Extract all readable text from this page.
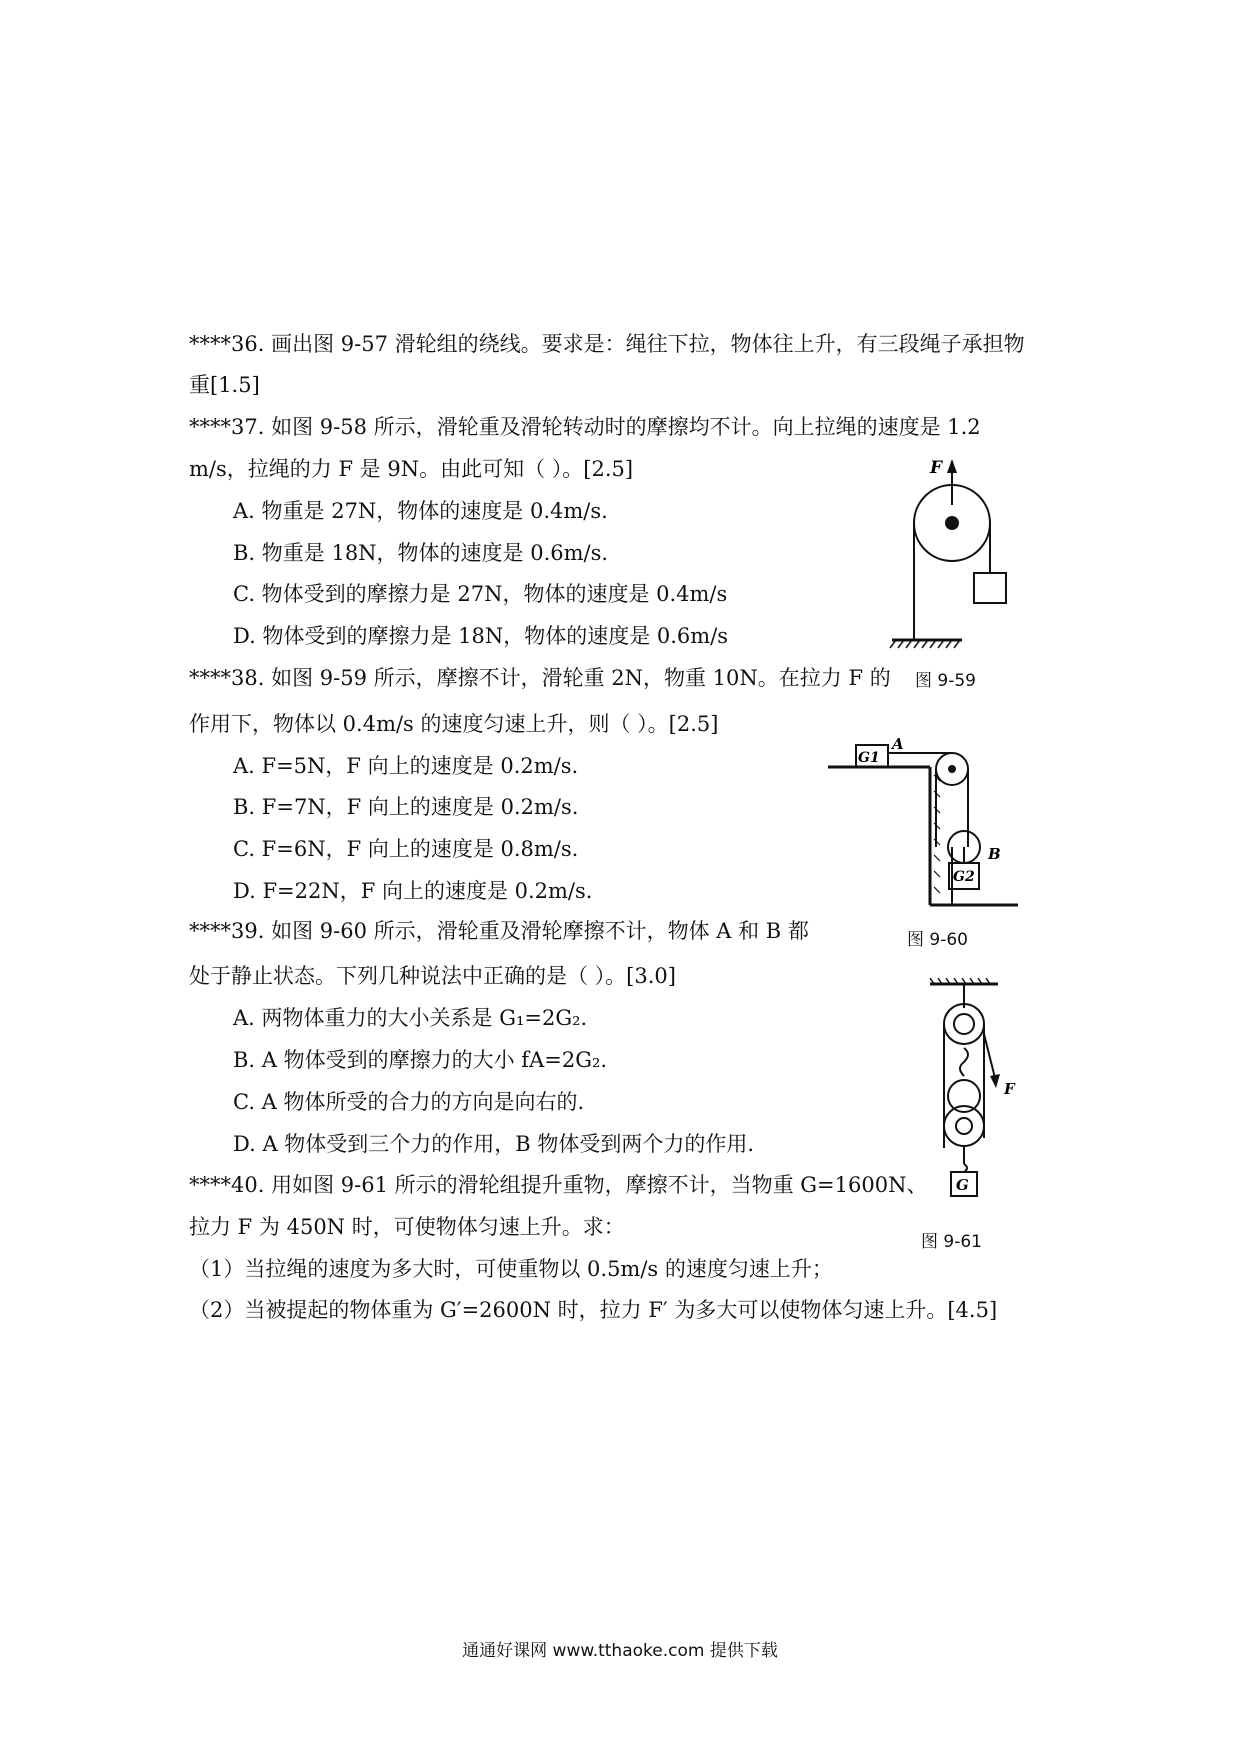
****36. 画出图 9-57 滑轮组的绕线。要求是：绳往下拉，物体往上升，有三段绳子承担物
重[1.5]
****37. 如图 9-58 所示，滑轮重及滑轮转动时的摩擦均不计。向上拉绳的速度是 1.2
m/s，拉绳的力 F 是 9N。由此可知（ ）。[2.5]
A. 物重是 27N，物体的速度是 0.4m/s.
B. 物重是 18N，物体的速度是 0.6m/s.
C. 物体受到的摩擦力是 27N，物体的速度是 0.4m/s
D. 物体受到的摩擦力是 18N，物体的速度是 0.6m/s
****38. 如图 9-59 所示，摩擦不计，滑轮重 2N，物重 10N。在拉力 F 的
作用下，物体以 0.4m/s 的速度匀速上升，则（ ）。[2.5]
A. F=5N，F 向上的速度是 0.2m/s.
B. F=7N，F 向上的速度是 0.2m/s.
C. F=6N，F 向上的速度是 0.8m/s.
D. F=22N，F 向上的速度是 0.2m/s.
****39. 如图 9-60 所示，滑轮重及滑轮摩擦不计，物体 A 和 B 都
处于静止状态。下列几种说法中正确的是（ ）。[3.0]
A. 两物体重力的大小关系是 G₁=2G₂.
B. A 物体受到的摩擦力的大小 fA=2G₂.
C. A 物体所受的合力的方向是向右的.
D. A 物体受到三个力的作用，B 物体受到两个力的作用.
****40. 用如图 9-61 所示的滑轮组提升重物，摩擦不计，当物重 G=1600N、
拉力 F 为 450N 时，可使物体匀速上升。求：
（1）当拉绳的速度为多大时，可使重物以 0.5m/s 的速度匀速上升；
（2）当被提起的物体重为 G′=2600N 时，拉力 F′ 为多大可以使物体匀速上升。[4.5]
F
图 9-59
G1
G2
A
B
图 9-60
F
G
图 9-61
通通好课网 www.tthaoke.com 提供下载
